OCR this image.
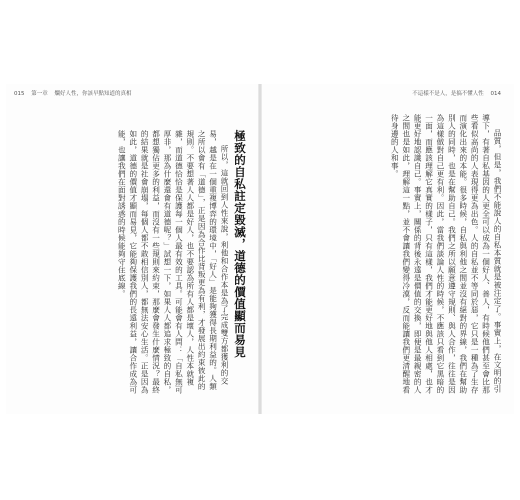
015 第一章 爛好人性，你該早點知道的真相
極致的自私註定毀滅，道德的價值顯而易見

所以，這就回到人性來說，利他和合作本是為了完成雙方都獲利的交易，越是在一個重複博弈的環境中，「好人」是能夠獲得長期利益的。人類之所以會有「道德」，正是因為合作比背叛更為有利，才發展出約束彼此的規則。不要想著人人都是好人，也不要認為所有人都是壞人，人性本就複雜，而道德恰恰是保護每一個人最有效的工具。可能會有人問：「自私無可厚非，那為什麼還會有道德呢？」試想一下，如果人人都追求極致的自私，都想獨佔更多的利益，而沒有一些規則來約束，那麼會發生什麼情況？最終的結果就是社會崩塌，每個人都不敢相信別人，都無法安心生活。正是因為如此，道德的價值才顯而易見，它能夠保護我們的長遠利益，讓合作成為可能，也讓我們在面對誘惑的時候能夠守住底線。

不這樣不是人，是搞不懂人性 014

品質，但是，我們不能說人的自私本質就是被注定了。事實上，在文明的引導下，有著自私基因的人更全可以成為一個好人、善人，有時候他們甚至會比那些看似高尚的人表現得更為出色。人的自私並不等同於惡，它只是一種為了生存而演化出來的本能。很多時候，自私與利他之間並沒有絕對的界線，我們在幫助別人的同時，也是在幫助自己。我們之所以願意遵守規則、與人合作，往往是因為這樣做對自己更有利。因此，當我們談論人性的時候，不應該只看到它黑暗的一面，而應該理解它真實的樣子，只有這樣，我們才能更好地與他人相處，也才能更好地認識自己。事實上，關係的背後永遠是價值的交換，即便是最親密的人之間也是如此，理解這一點，並不會讓我們變得冷漠，反而能讓我們更清醒地看待身邊的人和事。
